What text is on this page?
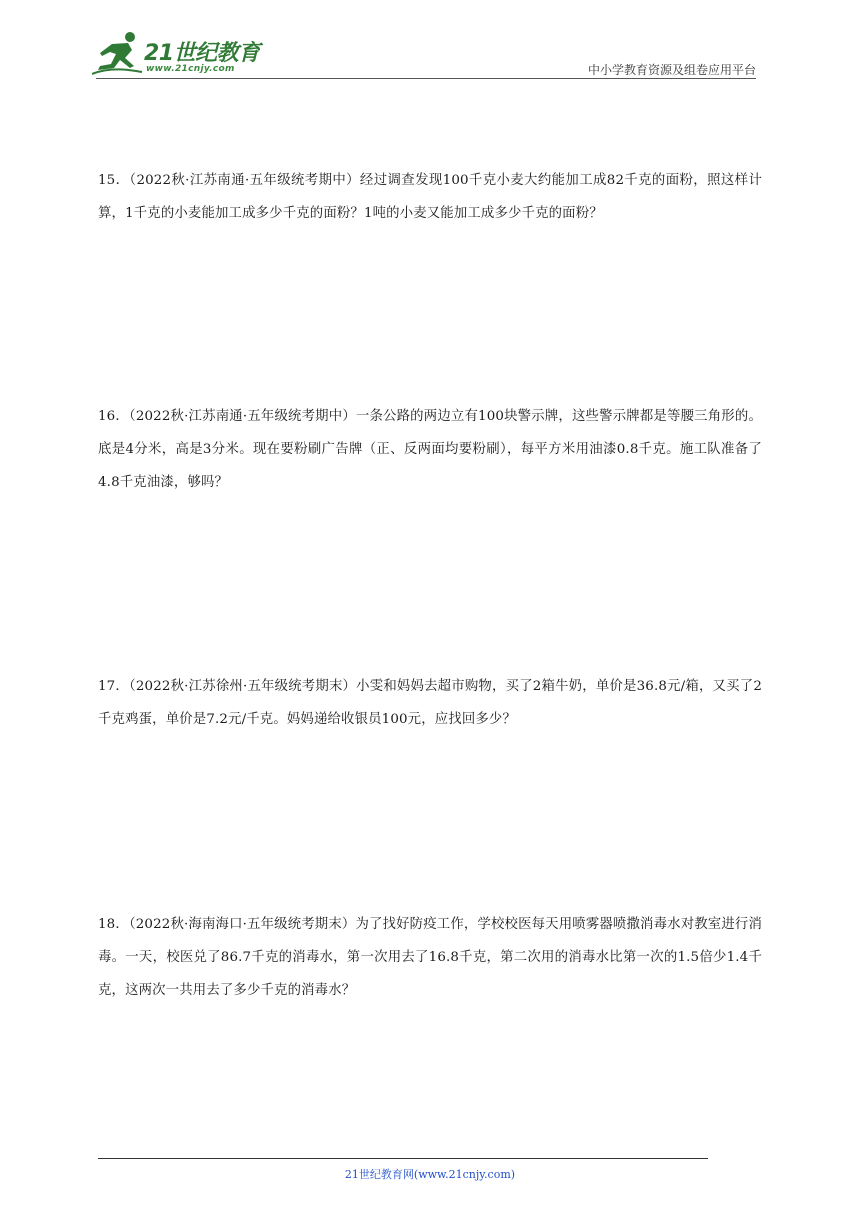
21世纪教育
www.21cnjy.com	中小学教育资源及组卷应用平台
15．（2022秋·江苏南通·五年级统考期中）经过调查发现100千克小麦大约能加工成82千克的面粉，照这样计算，1千克的小麦能加工成多少千克的面粉？1吨的小麦又能加工成多少千克的面粉？
16．（2022秋·江苏南通·五年级统考期中）一条公路的两边立有100块警示牌，这些警示牌都是等腰三角形的。底是4分米，高是3分米。现在要粉刷广告牌（正、反两面均要粉刷），每平方米用油漆0.8千克。施工队准备了4.8千克油漆，够吗？
17．（2022秋·江苏徐州·五年级统考期末）小雯和妈妈去超市购物，买了2箱牛奶，单价是36.8元/箱，又买了2千克鸡蛋，单价是7.2元/千克。妈妈递给收银员100元，应找回多少？
18．（2022秋·海南海口·五年级统考期末）为了找好防疫工作，学校校医每天用喷雾器喷撒消毒水对教室进行消毒。一天，校医兑了86.7千克的消毒水，第一次用去了16.8千克，第二次用的消毒水比第一次的1.5倍少1.4千克，这两次一共用去了多少千克的消毒水？
21世纪教育网(www.21cnjy.com)
